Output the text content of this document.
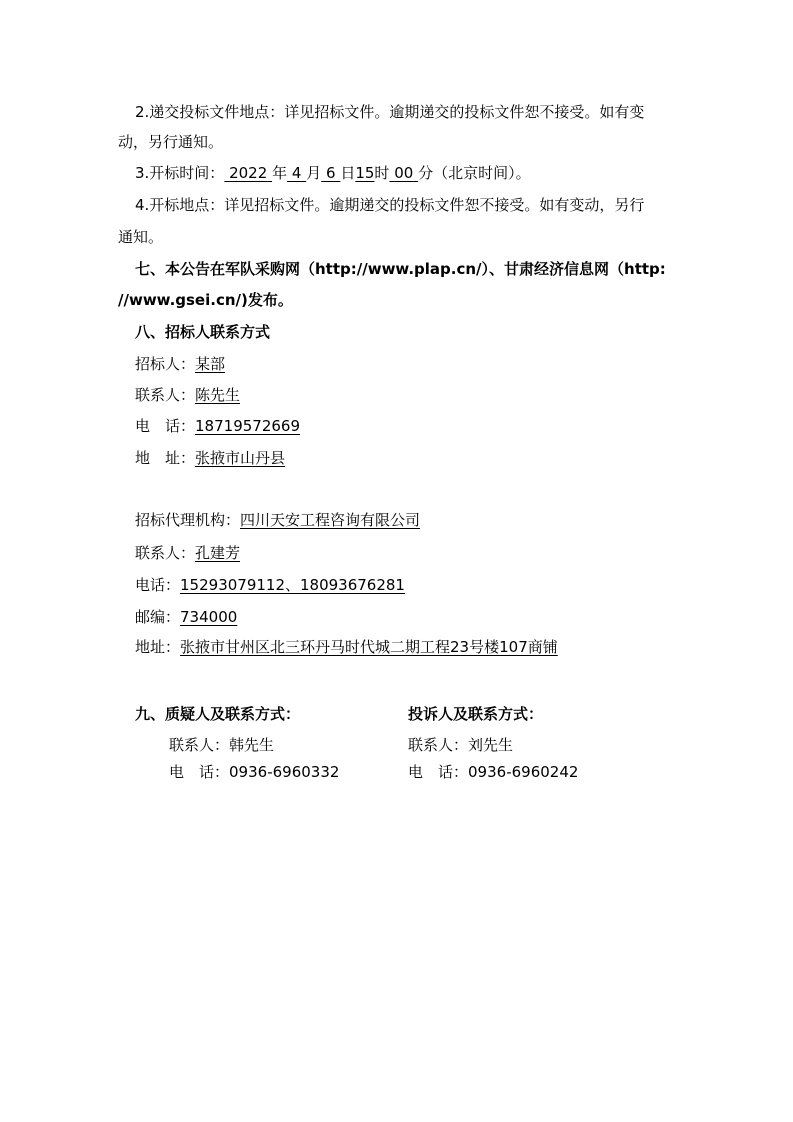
2.递交投标文件地点：详见招标文件。逾期递交的投标文件恕不接受。如有变
动，另行通知。
3.开标时间： 2022 年 4 月 6 日15时 00 分（北京时间）。
4.开标地点：详见招标文件。逾期递交的投标文件恕不接受。如有变动，另行
通知。
七、本公告在军队采购网（http://www.plap.cn/）、甘肃经济信息网（http:
//www.gsei.cn/)发布。
八、招标人联系方式
招标人：某部
联系人：陈先生
电 话：18719572669
地 址：张掖市山丹县
招标代理机构：四川天安工程咨询有限公司
联系人：孔建芳
电话：15293079112、18093676281
邮编：734000
地址：张掖市甘州区北三环丹马时代城二期工程23号楼107商铺
九、质疑人及联系方式：
联系人：韩先生
电 话：0936-6960332
投诉人及联系方式：
联系人：刘先生
电 话：0936-6960242
